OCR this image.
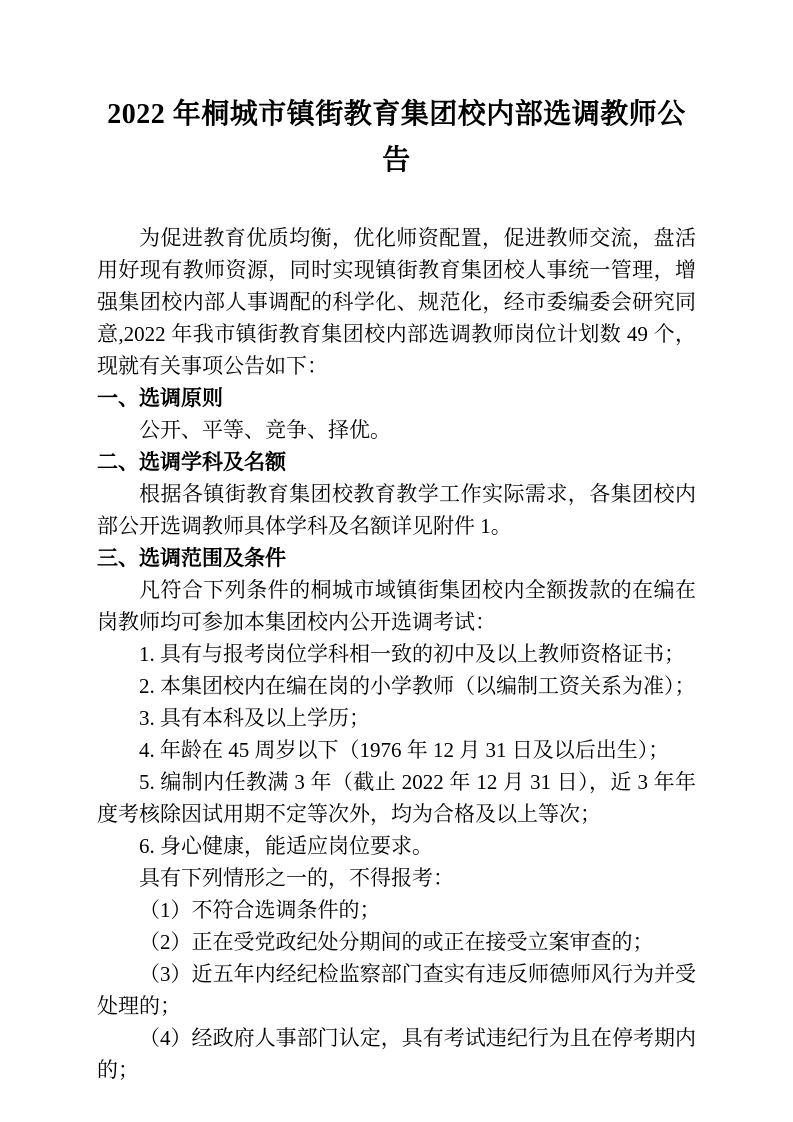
2022 年桐城市镇街教育集团校内部选调教师公告

为促进教育优质均衡，优化师资配置，促进教师交流，盘活用好现有教师资源，同时实现镇街教育集团校人事统一管理，增强集团校内部人事调配的科学化、规范化，经市委编委会研究同意,2022 年我市镇街教育集团校内部选调教师岗位计划数 49 个，现就有关事项公告如下：

一、选调原则

公开、平等、竞争、择优。

二、选调学科及名额

根据各镇街教育集团校教育教学工作实际需求，各集团校内部公开选调教师具体学科及名额详见附件 1。

三、选调范围及条件

凡符合下列条件的桐城市域镇街集团校内全额拨款的在编在岗教师均可参加本集团校内公开选调考试：

1. 具有与报考岗位学科相一致的初中及以上教师资格证书；

2. 本集团校内在编在岗的小学教师（以编制工资关系为准）；

3. 具有本科及以上学历；

4. 年龄在 45 周岁以下（1976 年 12 月 31 日及以后出生）；

5. 编制内任教满 3 年（截止 2022 年 12 月 31 日），近 3 年年度考核除因试用期不定等次外，均为合格及以上等次；

6. 身心健康，能适应岗位要求。

具有下列情形之一的，不得报考：

（1）不符合选调条件的；

（2）正在受党政纪处分期间的或正在接受立案审查的；

（3）近五年内经纪检监察部门查实有违反师德师风行为并受处理的；

（4）经政府人事部门认定，具有考试违纪行为且在停考期内的；
